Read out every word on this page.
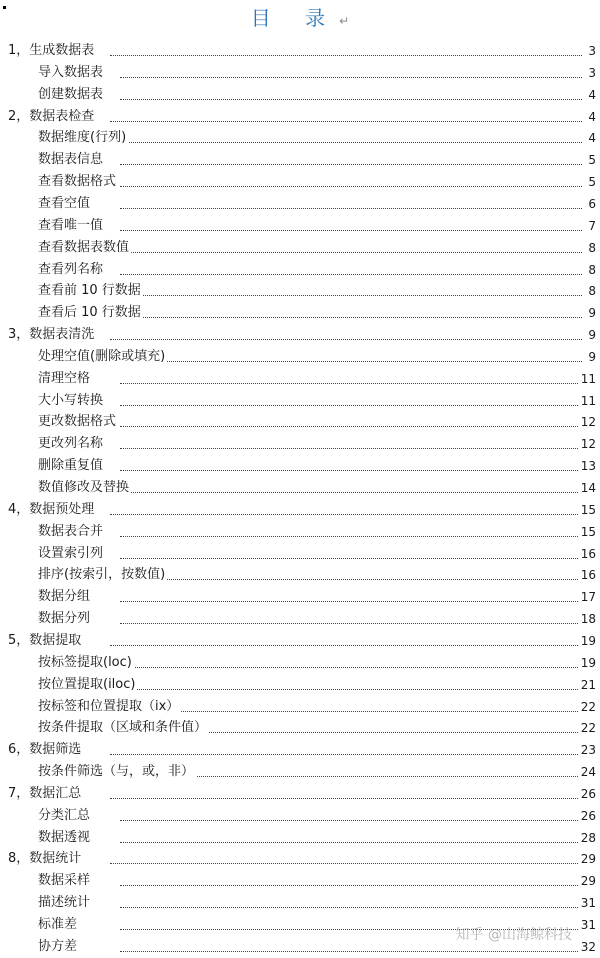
目 录↵
1，生成数据表	3
导入数据表	3
创建数据表	4
2，数据表检查	4
数据维度(行列)	4
数据表信息	5
查看数据格式	5
查看空值	6
查看唯一值	7
查看数据表数值	8
查看列名称	8
查看前 10 行数据	8
查看后 10 行数据	9
3，数据表清洗	9
处理空值(删除或填充)	9
清理空格	11
大小写转换	11
更改数据格式	12
更改列名称	12
删除重复值	13
数值修改及替换	14
4，数据预处理	15
数据表合并	15
设置索引列	16
排序(按索引，按数值)	16
数据分组	17
数据分列	18
5，数据提取	19
按标签提取(loc)	19
按位置提取(iloc)	21
按标签和位置提取（ix）	22
按条件提取（区域和条件值）	22
6，数据筛选	23
按条件筛选（与，或，非）	24
7，数据汇总	26
分类汇总	26
数据透视	28
8，数据统计	29
数据采样	29
描述统计	31
标准差	31
协方差	32
知乎 @山海鲸科技
